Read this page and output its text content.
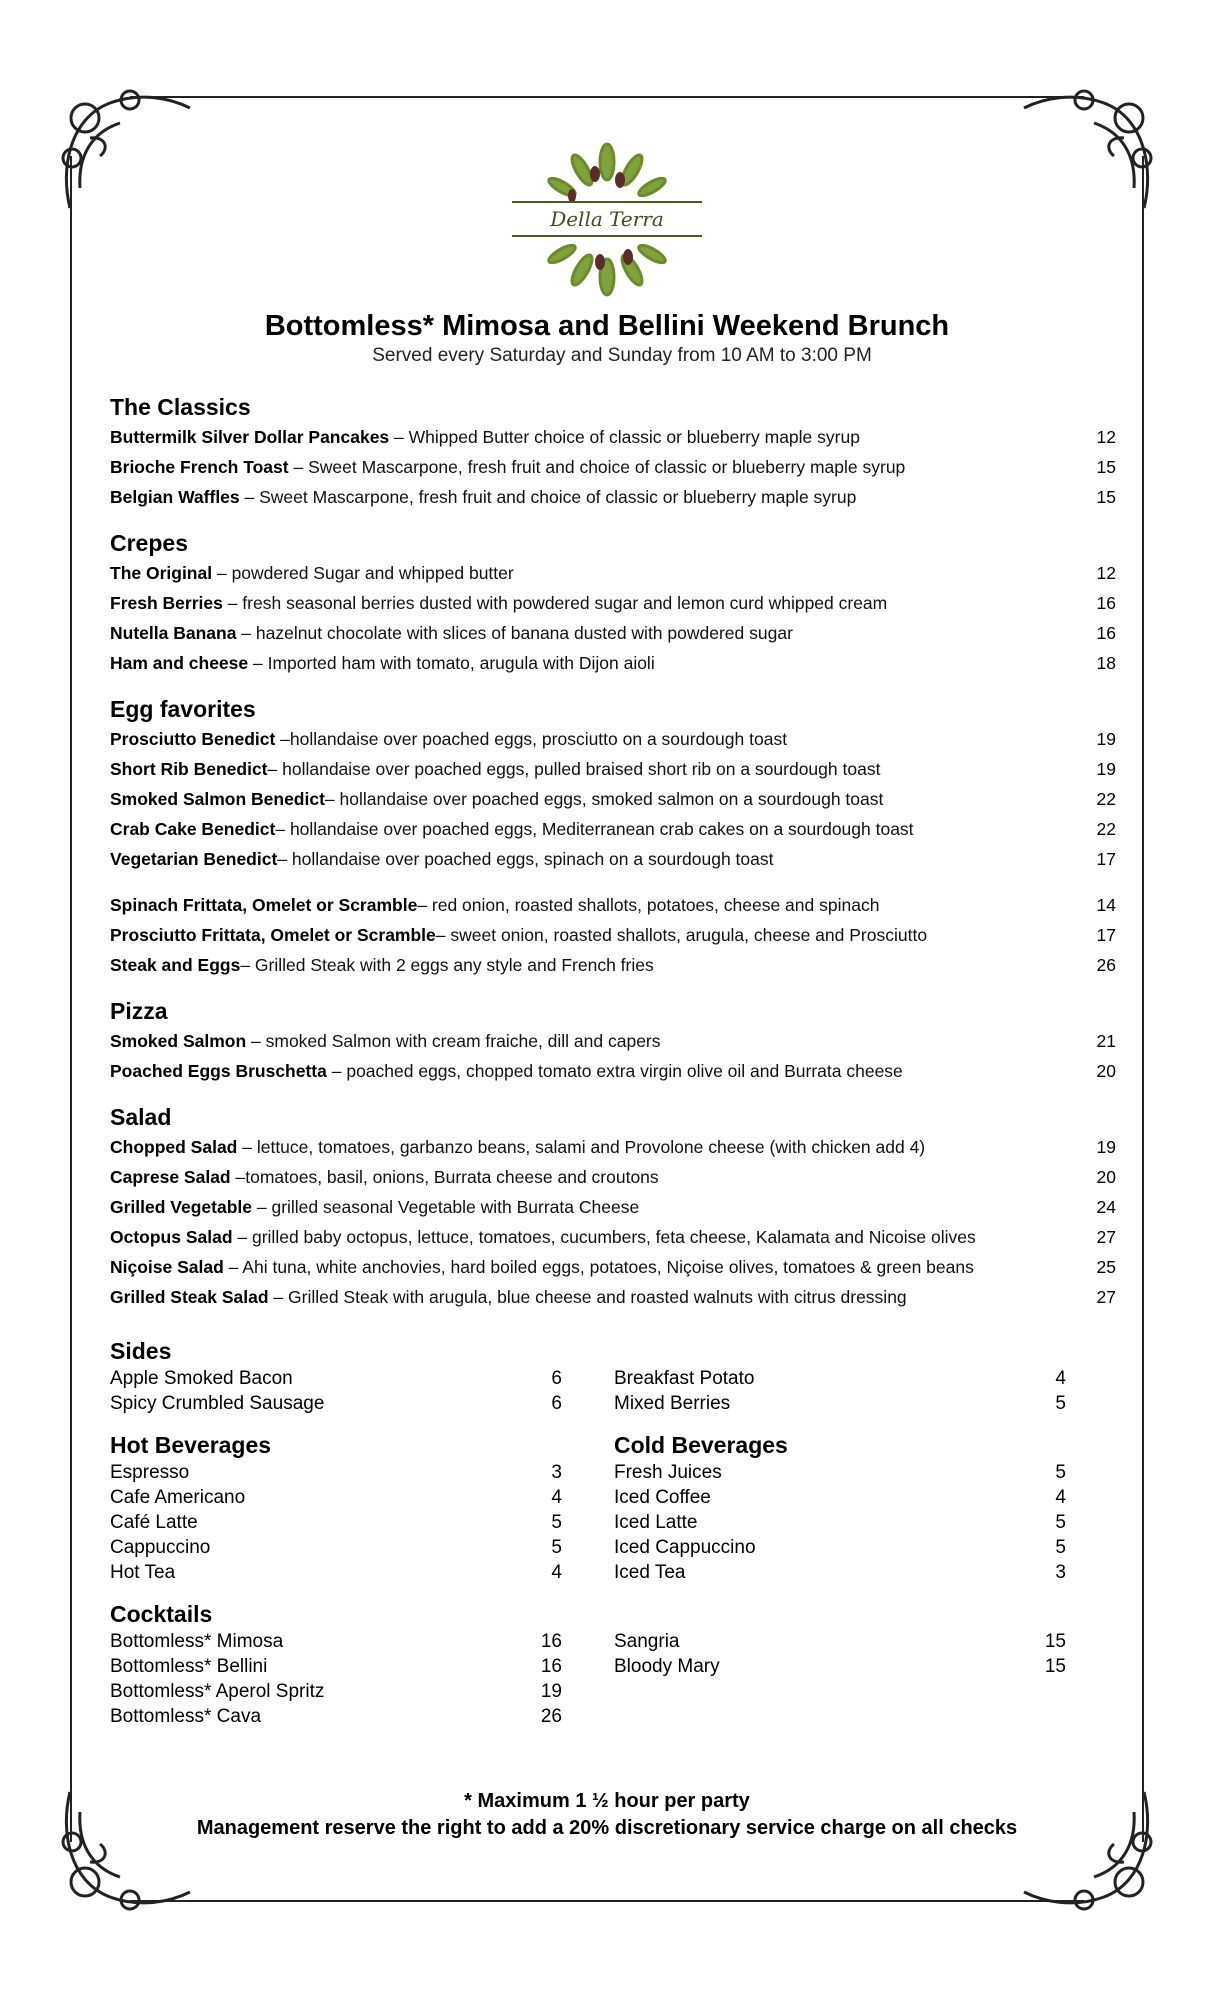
Della Terra
Bottomless* Mimosa and Bellini Weekend Brunch
Served every Saturday and Sunday from 10 AM to 3:00 PM
The Classics
Buttermilk Silver Dollar Pancakes – Whipped Butter choice of classic or blueberry maple syrup	12
Brioche French Toast – Sweet Mascarpone, fresh fruit and choice of classic or blueberry maple syrup	15
Belgian Waffles – Sweet Mascarpone, fresh fruit and choice of classic or blueberry maple syrup	15
Crepes
The Original – powdered Sugar and whipped butter	12
Fresh Berries – fresh seasonal berries dusted with powdered sugar and lemon curd whipped cream	16
Nutella Banana – hazelnut chocolate with slices of banana dusted with powdered sugar	16
Ham and cheese – Imported ham with tomato, arugula with Dijon aioli	18
Egg favorites
Prosciutto Benedict –hollandaise over poached eggs, prosciutto on a sourdough toast	19
Short Rib Benedict– hollandaise over poached eggs, pulled braised short rib on a sourdough toast	19
Smoked Salmon Benedict– hollandaise over poached eggs, smoked salmon on a sourdough toast	22
Crab Cake Benedict– hollandaise over poached eggs, Mediterranean crab cakes on a sourdough toast	22
Vegetarian Benedict– hollandaise over poached eggs, spinach on a sourdough toast	17
Spinach Frittata, Omelet or Scramble– red onion, roasted shallots, potatoes, cheese and spinach	14
Prosciutto Frittata, Omelet or Scramble– sweet onion, roasted shallots, arugula, cheese and Prosciutto	17
Steak and Eggs– Grilled Steak with 2 eggs any style and French fries	26
Pizza
Smoked Salmon – smoked Salmon with cream fraiche, dill and capers	21
Poached Eggs Bruschetta – poached eggs, chopped tomato extra virgin olive oil and Burrata cheese	20
Salad
Chopped Salad – lettuce, tomatoes, garbanzo beans, salami and Provolone cheese (with chicken add 4)	19
Caprese Salad –tomatoes, basil, onions, Burrata cheese and croutons	20
Grilled Vegetable – grilled seasonal Vegetable with Burrata Cheese	24
Octopus Salad – grilled baby octopus, lettuce, tomatoes, cucumbers, feta cheese, Kalamata and Nicoise olives	27
Niçoise Salad – Ahi tuna, white anchovies, hard boiled eggs, potatoes, Niçoise olives, tomatoes & green beans	25
Grilled Steak Salad – Grilled Steak with arugula, blue cheese and roasted walnuts with citrus dressing	27
Sides
Apple Smoked Bacon	6
Spicy Crumbled Sausage	6
Breakfast Potato	4
Mixed Berries	5
Hot Beverages
Espresso	3
Cafe Americano	4
Café Latte	5
Cappuccino	5
Hot Tea	4
Cold Beverages
Fresh Juices	5
Iced Coffee	4
Iced Latte	5
Iced Cappuccino	5
Iced Tea	3
Cocktails
Bottomless* Mimosa	16
Bottomless* Bellini	16
Bottomless* Aperol Spritz	19
Bottomless* Cava	26
Sangria	15
Bloody Mary	15
* Maximum 1 ½ hour per party
Management reserve the right to add a 20% discretionary service charge on all checks
